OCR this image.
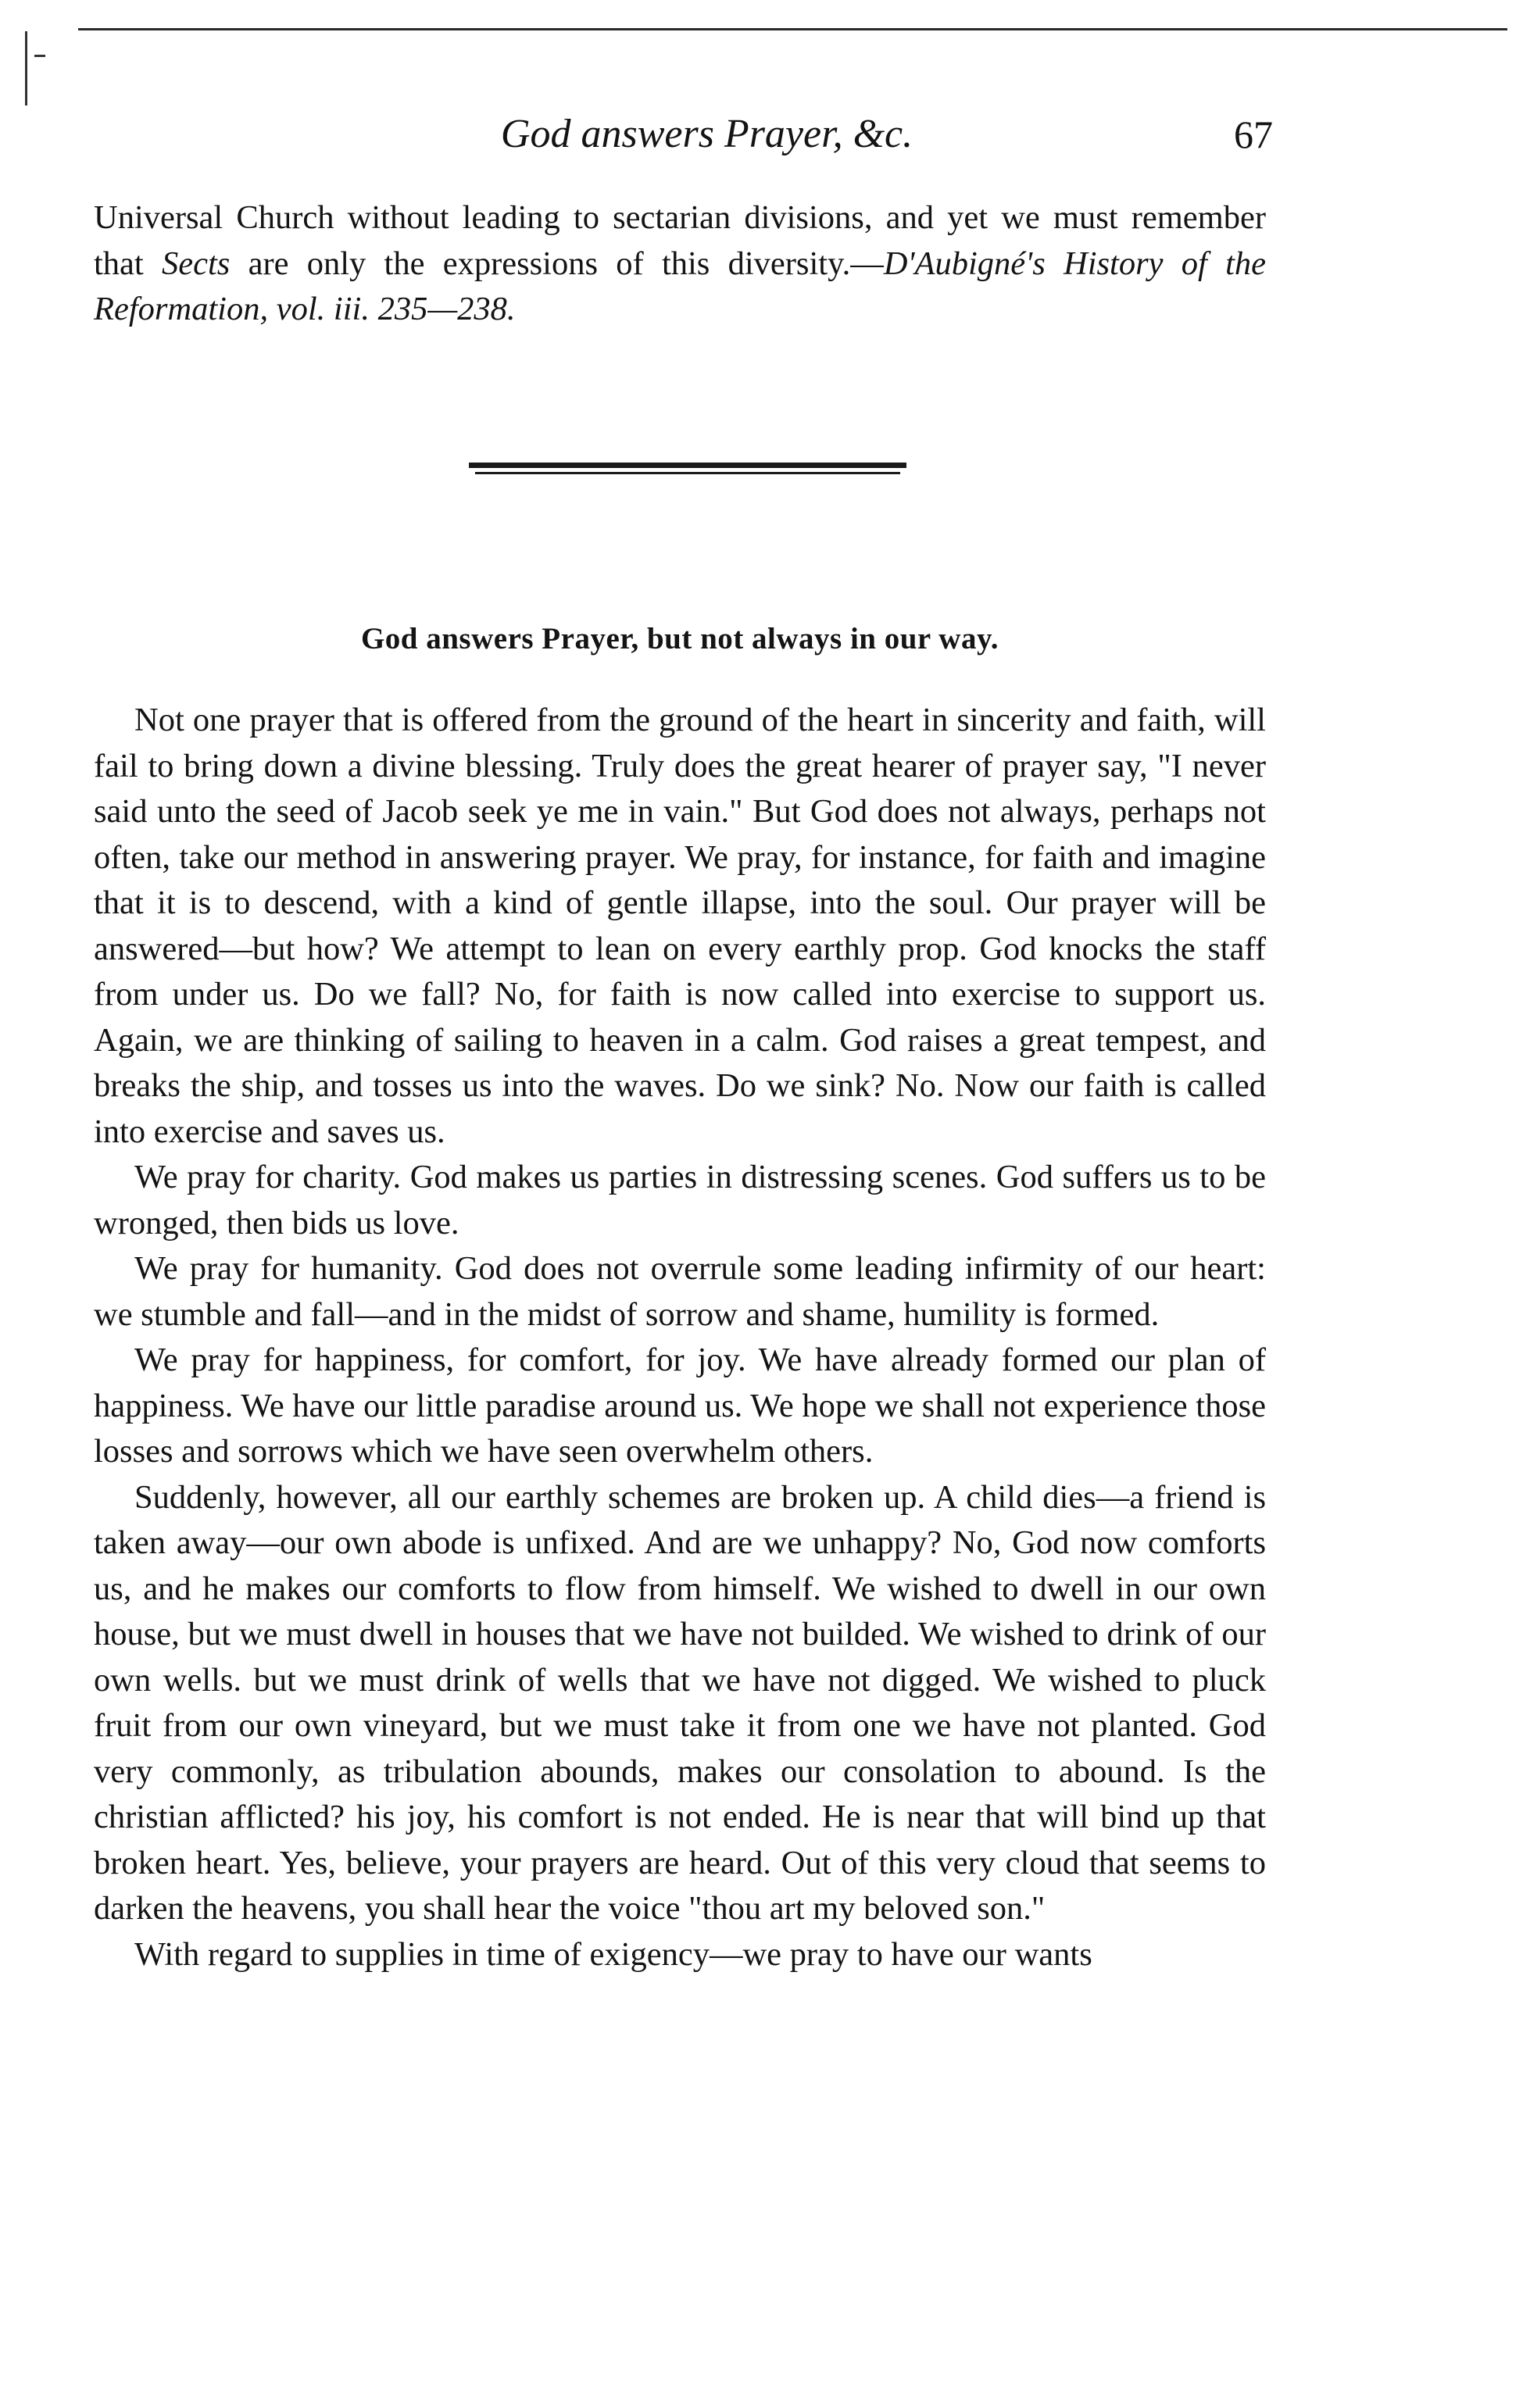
God answers Prayer, &c.	67

Universal Church without leading to sectarian divisions, and yet we must remember that Sects are only the expressions of this diversity.—D'Aubigné's History of the Reformation, vol. iii. 235—238.

God answers Prayer, but not always in our way.

Not one prayer that is offered from the ground of the heart in sincerity and faith, will fail to bring down a divine blessing. Truly does the great hearer of prayer say, "I never said unto the seed of Jacob seek ye me in vain." But God does not always, perhaps not often, take our method in answering prayer. We pray, for instance, for faith and imagine that it is to descend, with a kind of gentle illapse, into the soul. Our prayer will be answered—but how? We attempt to lean on every earthly prop. God knocks the staff from under us. Do we fall? No, for faith is now called into exercise to support us. Again, we are thinking of sailing to heaven in a calm. God raises a great tempest, and breaks the ship, and tosses us into the waves. Do we sink? No. Now our faith is called into exercise and saves us.

We pray for charity. God makes us parties in distressing scenes. God suffers us to be wronged, then bids us love.

We pray for humanity. God does not overrule some leading infirmity of our heart: we stumble and fall—and in the midst of sorrow and shame, humility is formed.

We pray for happiness, for comfort, for joy. We have already formed our plan of happiness. We have our little paradise around us. We hope we shall not experience those losses and sorrows which we have seen overwhelm others.

Suddenly, however, all our earthly schemes are broken up. A child dies—a friend is taken away—our own abode is unfixed. And are we unhappy? No, God now comforts us, and he makes our comforts to flow from himself. We wished to dwell in our own house, but we must dwell in houses that we have not builded. We wished to drink of our own wells. but we must drink of wells that we have not digged. We wished to pluck fruit from our own vineyard, but we must take it from one we have not planted. God very commonly, as tribulation abounds, makes our consolation to abound. Is the christian afflicted? his joy, his comfort is not ended. He is near that will bind up that broken heart. Yes, believe, your prayers are heard. Out of this very cloud that seems to darken the heavens, you shall hear the voice "thou art my beloved son."

With regard to supplies in time of exigency—we pray to have our wants
